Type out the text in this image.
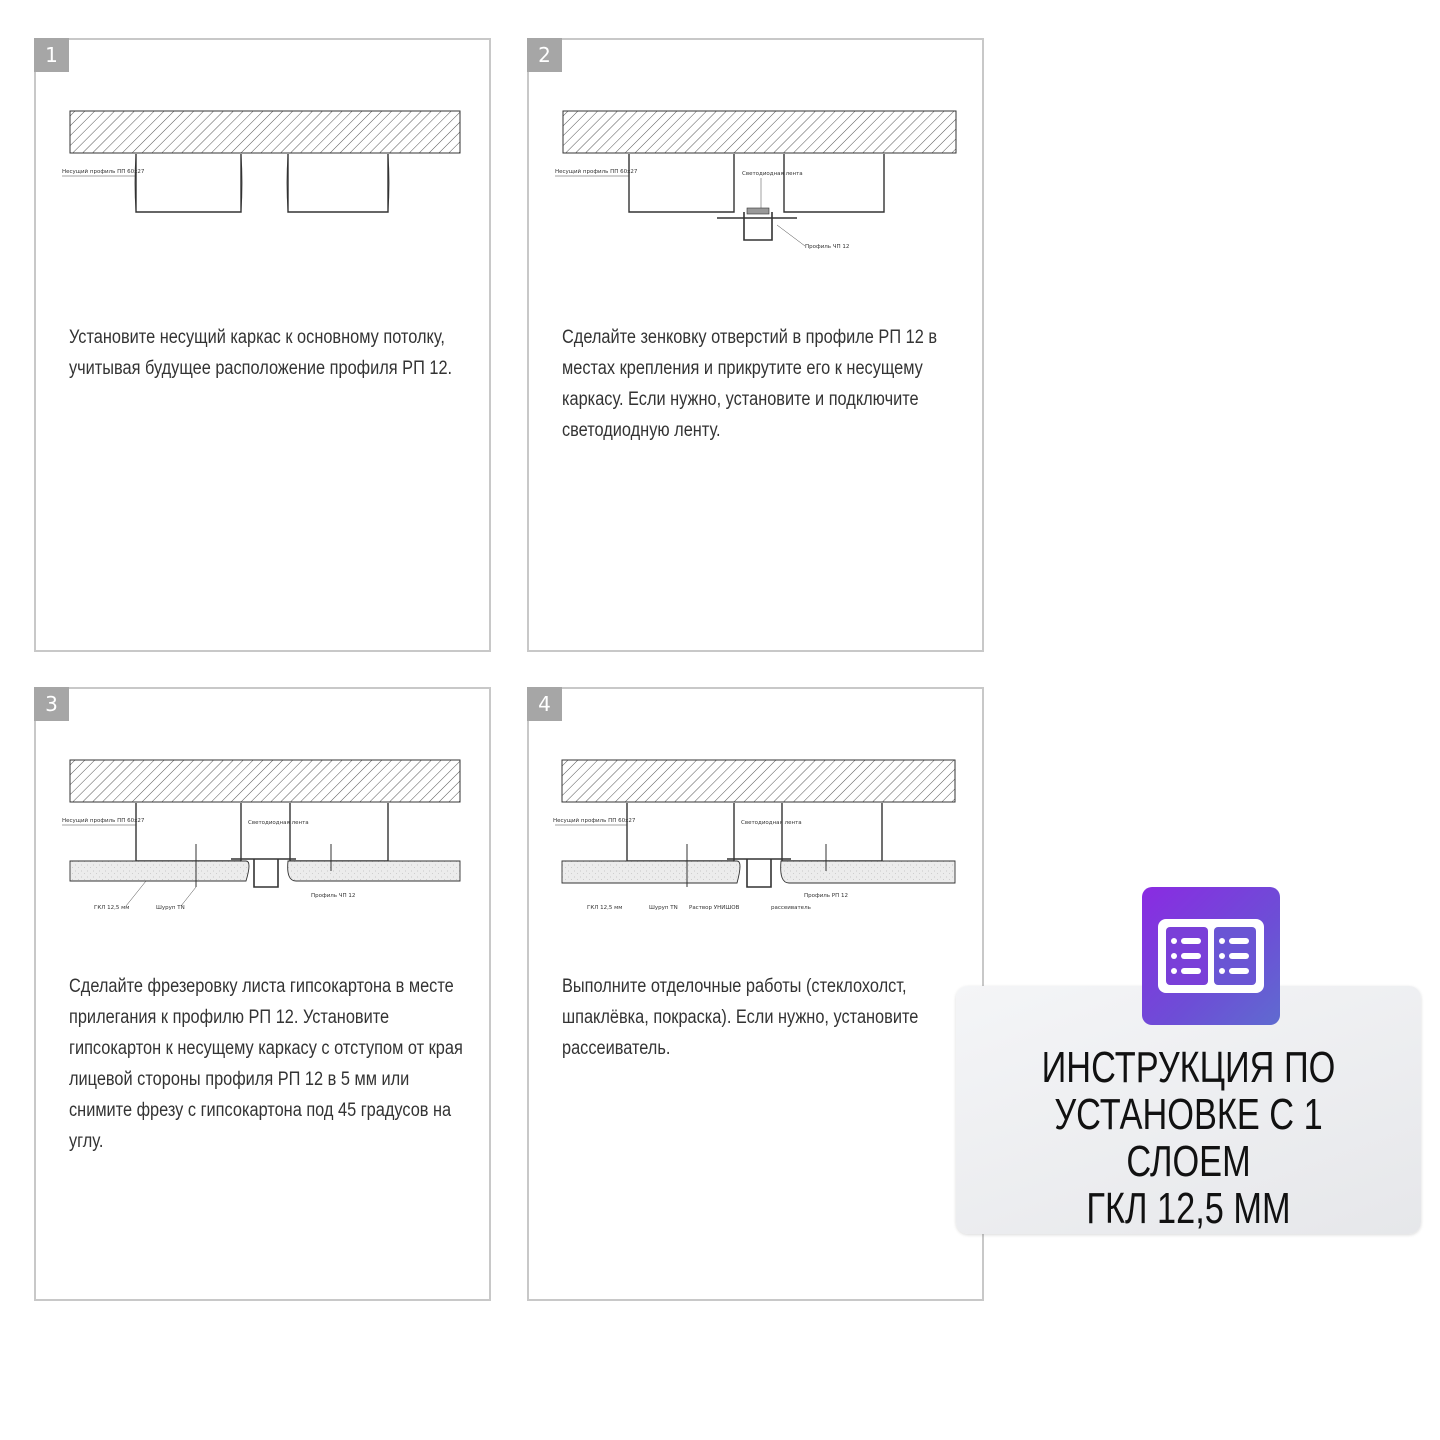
1
Несущий профиль ПП 60х27
Установите несущий каркас к основному потолку, учитывая будущее расположение профиля РП 12.
2
Несущий профиль ПП 60х27	Светодиодная лента
Профиль ЧП 12
Сделайте зенковку отверстий в профиле РП 12 в местах крепления и прикрутите его к несущему каркасу. Если нужно, установите и подключите светодиодную ленту.
3
Несущий профиль ПП 60х27	Светодиодная лента
Профиль ЧП 12
ГКЛ 12,5 мм	Шуруп ТN
Сделайте фрезеровку листа гипсокартона в месте прилегания к профилю РП 12. Установите гипсокартон к несущему каркасу с отступом от края лицевой стороны профиля РП 12 в 5 мм или снимите фрезу с гипсокартона под 45 градусов на углу.
4
Несущий профиль ПП 60х27	Светодиодная лента
Профиль РП 12
ГКЛ 12,5 мм	Шуруп ТN Раствор УНИШОВ	рассеиватель
Выполните отделочные работы (стеклохолст, шпаклёвка, покраска). Если нужно, установите рассеиватель.	ИНСТРУКЦИЯ ПО
УСТАНОВКЕ С 1 СЛОЕМ
ГКЛ 12,5 ММ
